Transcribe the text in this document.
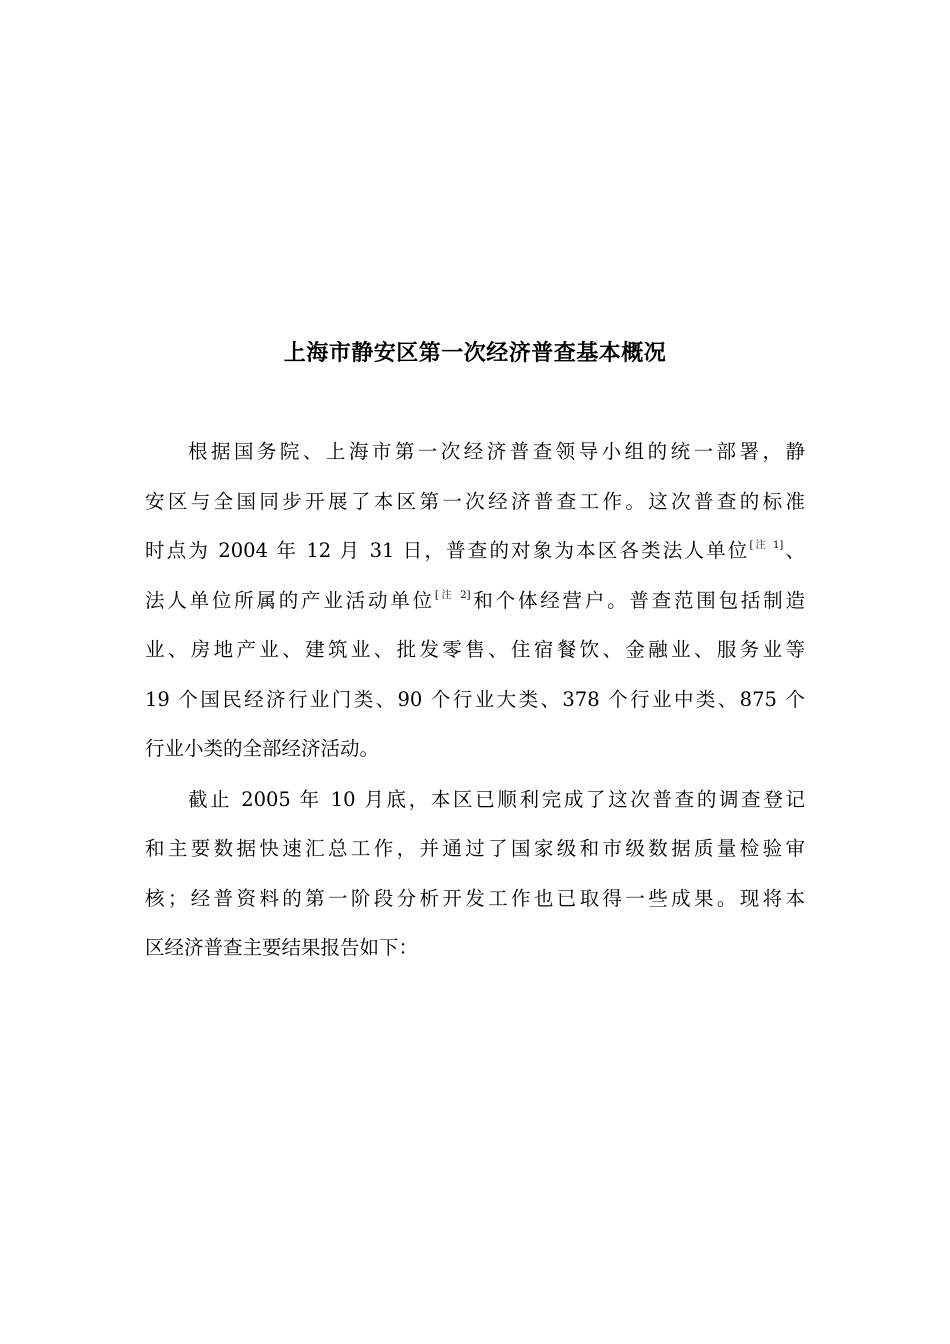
上海市静安区第一次经济普查基本概况
根据国务院、上海市第一次经济普查领导小组的统一部署，静
安区与全国同步开展了本区第一次经济普查工作。这次普查的标准
时点为 2004 年 12 月 31 日，普查的对象为本区各类法人单位[注 1]、
法人单位所属的产业活动单位[注 2]和个体经营户。普查范围包括制造
业、房地产业、建筑业、批发零售、住宿餐饮、金融业、服务业等
19 个国民经济行业门类、90 个行业大类、378 个行业中类、875 个
行业小类的全部经济活动。
截止 2005 年 10 月底，本区已顺利完成了这次普查的调查登记
和主要数据快速汇总工作，并通过了国家级和市级数据质量检验审
核；经普资料的第一阶段分析开发工作也已取得一些成果。现将本
区经济普查主要结果报告如下：
